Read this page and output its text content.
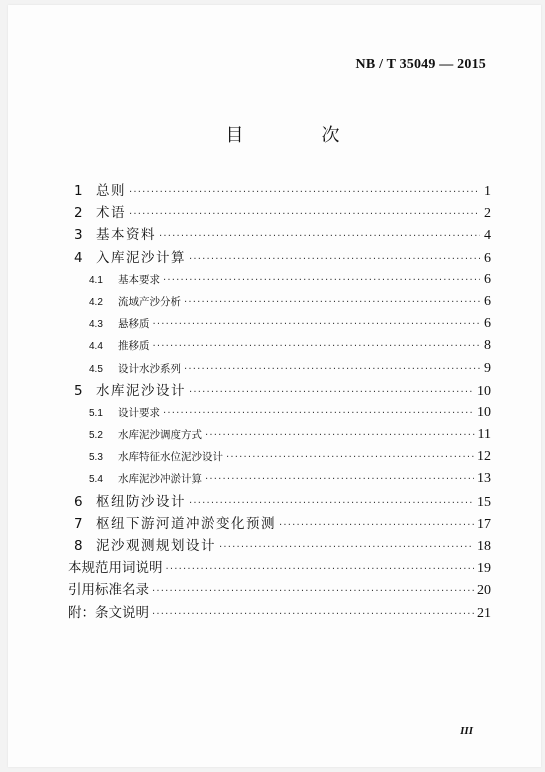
NB / T 35049 — 2015
目　次
1 总则 ·····	1
2 术语 ·····	2
3 基本资料 ·····	4
4 入库泥沙计算 ·····	6
4.1	基本要求 ·····	6
4.2	流域产沙分析 ·····	6
4.3	悬移质 ·····	6
4.4	推移质 ·····	8
4.5	设计水沙系列 ·····	9
5 水库泥沙设计 ·····	10
5.1	设计要求 ·····	10
5.2	水库泥沙调度方式 ·····	11
5.3	水库特征水位泥沙设计 ·····	12
5.4	水库泥沙冲淤计算 ·····	13
6 枢纽防沙设计 ·····	15
7 枢纽下游河道冲淤变化预测 ·····	17
8 泥沙观测规划设计 ·····	18
本规范用词说明 ·····	19
引用标准名录 ·····	20
附：条文说明 ·····	21
III
